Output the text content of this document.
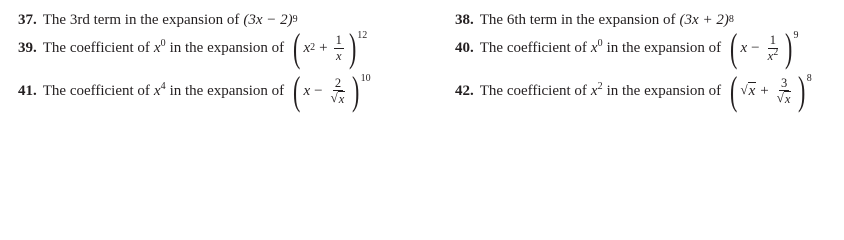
37. The 3rd term in the expansion of (3x − 2) 9	38. The 6th term in the expansion of (3x + 2) 8
39. The coefficient of $x^0$ in the expansion of ( x $2 + \frac{1}{x}$ ) 12
40. The coefficient of $x^0$ in the expansion of ( $x - \frac{1}{x^2}$ ) 9
41. The coefficient of $x^4$ in the expansion of ( $x - \frac{2}{√ x}$ ) 10
42. The coefficient of $x^2$ in the expansion of ( √ $x + \frac{3}{√ x}$ ) 8
